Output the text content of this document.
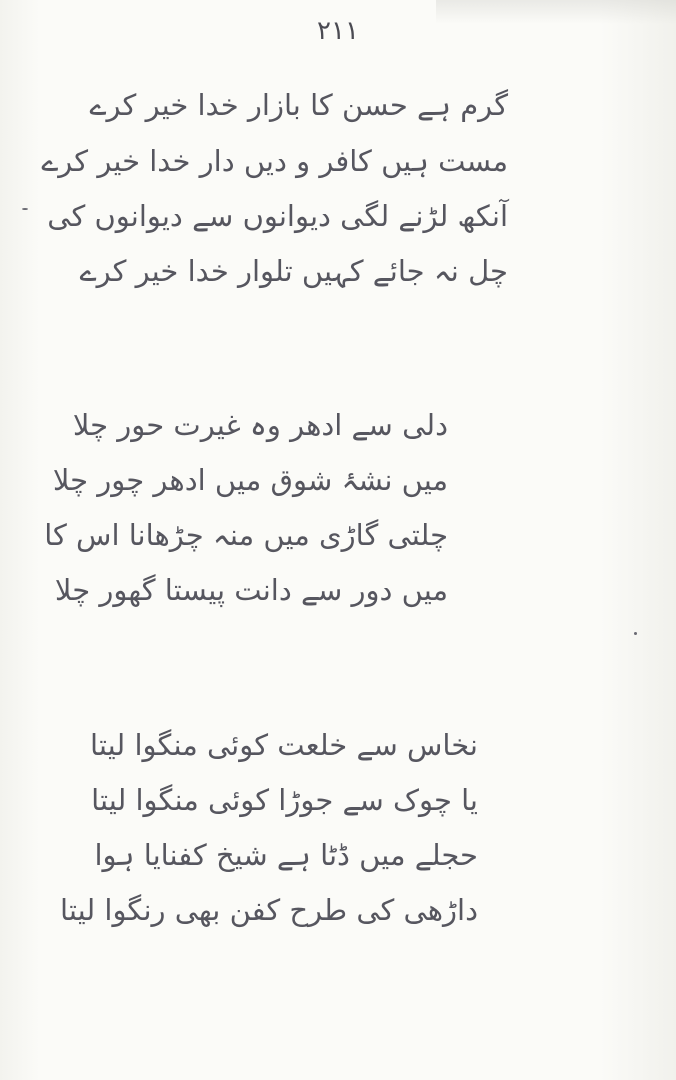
۲۱۱
گرم ہے حسن کا بازار خدا خیر کرے
مست ہیں کافر و دیں دار خدا خیر کرے
آنکھ لڑنے لگی دیوانوں سے دیوانوں کی
چل نہ جائے کہیں تلوار خدا خیر کرے
دلی سے ادھر وہ غیرت حور چلا
میں نشۂ شوق میں ادھر چور چلا
چلتی گاڑی میں منہ چڑھانا اس کا
میں دور سے دانت پیستا گھور چلا
نخاس سے خلعت کوئی منگوا لیتا
یا چوک سے جوڑا کوئی منگوا لیتا
حجلے میں ڈٹا ہے شیخ کفنایا ہوا
داڑھی کی طرح کفن بھی رنگوا لیتا
